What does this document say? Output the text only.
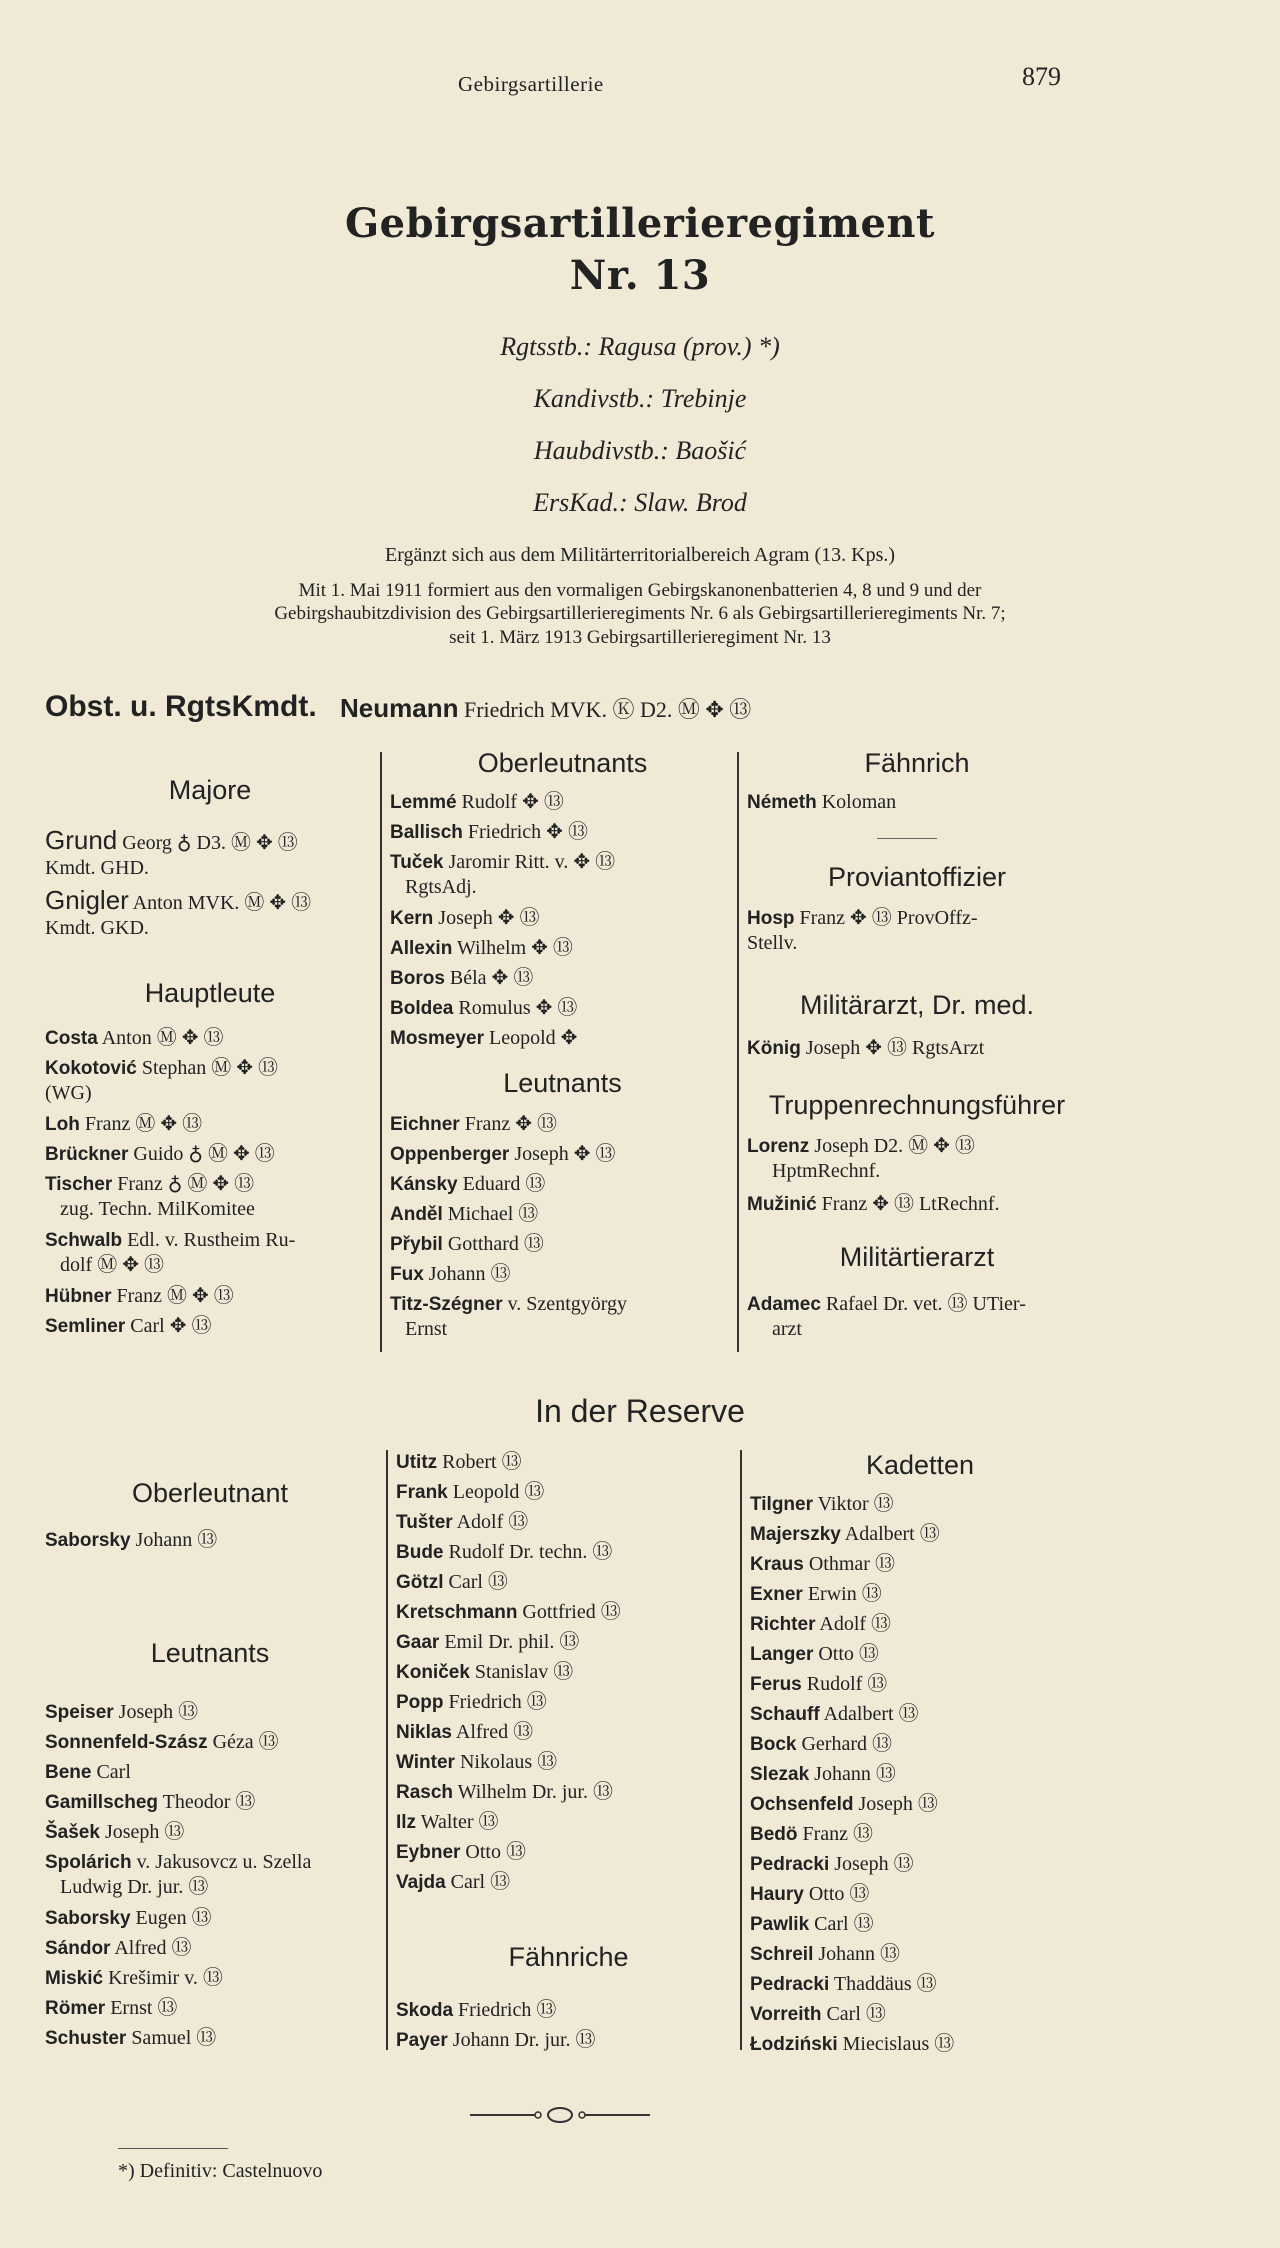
Gebirgsartillerie	879
Gebirgsartillerieregiment
Nr. 13
Rgtsstb.: Ragusa (prov.) *)
Kandivstb.: Trebinje
Haubdivstb.: Baošić
ErsKad.: Slaw. Brod
Ergänzt sich aus dem Militärterritorialbereich Agram (13. Kps.)
Mit 1. Mai 1911 formiert aus den vormaligen Gebirgskanonenbatterien 4, 8 und 9 und der
Gebirgshaubitzdivision des Gebirgsartillerieregiments Nr. 6 als Gebirgsartillerieregiments Nr. 7;
seit 1. März 1913 Gebirgsartillerieregiment Nr. 13
Obst. u. RgtsKmdt. Neumann Friedrich MVK. Ⓚ D2. Ⓜ ✥ ⑬
Majore
Grund Georg ♁ D3. Ⓜ ✥ ⑬
Kmdt. GHD.
Gnigler Anton MVK. Ⓜ ✥ ⑬
Kmdt. GKD.
Hauptleute
Costa Anton Ⓜ ✥ ⑬
Kokotović Stephan Ⓜ ✥ ⑬
(WG)
Loh Franz Ⓜ ✥ ⑬
Brückner Guido ♁ Ⓜ ✥ ⑬
Tischer Franz ♁ Ⓜ ✥ ⑬
zug. Techn. MilKomitee
Schwalb Edl. v. Rustheim Ru-
dolf Ⓜ ✥ ⑬
Hübner Franz Ⓜ ✥ ⑬
Semliner Carl ✥ ⑬
Oberleutnants
Lemmé Rudolf ✥ ⑬
Ballisch Friedrich ✥ ⑬
Tuček Jaromir Ritt. v. ✥ ⑬
RgtsAdj.
Kern Joseph ✥ ⑬
Allexin Wilhelm ✥ ⑬
Boros Béla ✥ ⑬
Boldea Romulus ✥ ⑬
Mosmeyer Leopold ✥
Leutnants
Eichner Franz ✥ ⑬
Oppenberger Joseph ✥ ⑬
Kánsky Eduard ⑬
Anděl Michael ⑬
Přybil Gotthard ⑬
Fux Johann ⑬
Titz-Szégner v. Szentgyörgy
Ernst
Fähnrich
Németh Koloman
Proviantoffizier
Hosp Franz ✥ ⑬ ProvOffz-
Stellv.
Militärarzt, Dr. med.
König Joseph ✥ ⑬ RgtsArzt
Truppenrechnungsführer
Lorenz Joseph D2. Ⓜ ✥ ⑬
HptmRechnf.
Mužinić Franz ✥ ⑬ LtRechnf.
Militärtierarzt
Adamec Rafael Dr. vet. ⑬ UTier-
arzt
In der Reserve
Oberleutnant
Saborsky Johann ⑬
Leutnants
Speiser Joseph ⑬
Sonnenfeld-Szász Géza ⑬
Bene Carl
Gamillscheg Theodor ⑬
Šašek Joseph ⑬
Spolárich v. Jakusovcz u. Szella
Ludwig Dr. jur. ⑬
Saborsky Eugen ⑬
Sándor Alfred ⑬
Miskić Krešimir v. ⑬
Römer Ernst ⑬
Schuster Samuel ⑬
Utitz Robert ⑬
Frank Leopold ⑬
Tušter Adolf ⑬
Bude Rudolf Dr. techn. ⑬
Götzl Carl ⑬
Kretschmann Gottfried ⑬
Gaar Emil Dr. phil. ⑬
Koniček Stanislav ⑬
Popp Friedrich ⑬
Niklas Alfred ⑬
Winter Nikolaus ⑬
Rasch Wilhelm Dr. jur. ⑬
Ilz Walter ⑬
Eybner Otto ⑬
Vajda Carl ⑬
Fähnriche
Skoda Friedrich ⑬
Payer Johann Dr. jur. ⑬
Kadetten
Tilgner Viktor ⑬
Majerszky Adalbert ⑬
Kraus Othmar ⑬
Exner Erwin ⑬
Richter Adolf ⑬
Langer Otto ⑬
Ferus Rudolf ⑬
Schauff Adalbert ⑬
Bock Gerhard ⑬
Slezak Johann ⑬
Ochsenfeld Joseph ⑬
Bedö Franz ⑬
Pedracki Joseph ⑬
Haury Otto ⑬
Pawlik Carl ⑬
Schreil Johann ⑬
Pedracki Thaddäus ⑬
Vorreith Carl ⑬
Łodziński Miecislaus ⑬
*) Definitiv: Castelnuovo
